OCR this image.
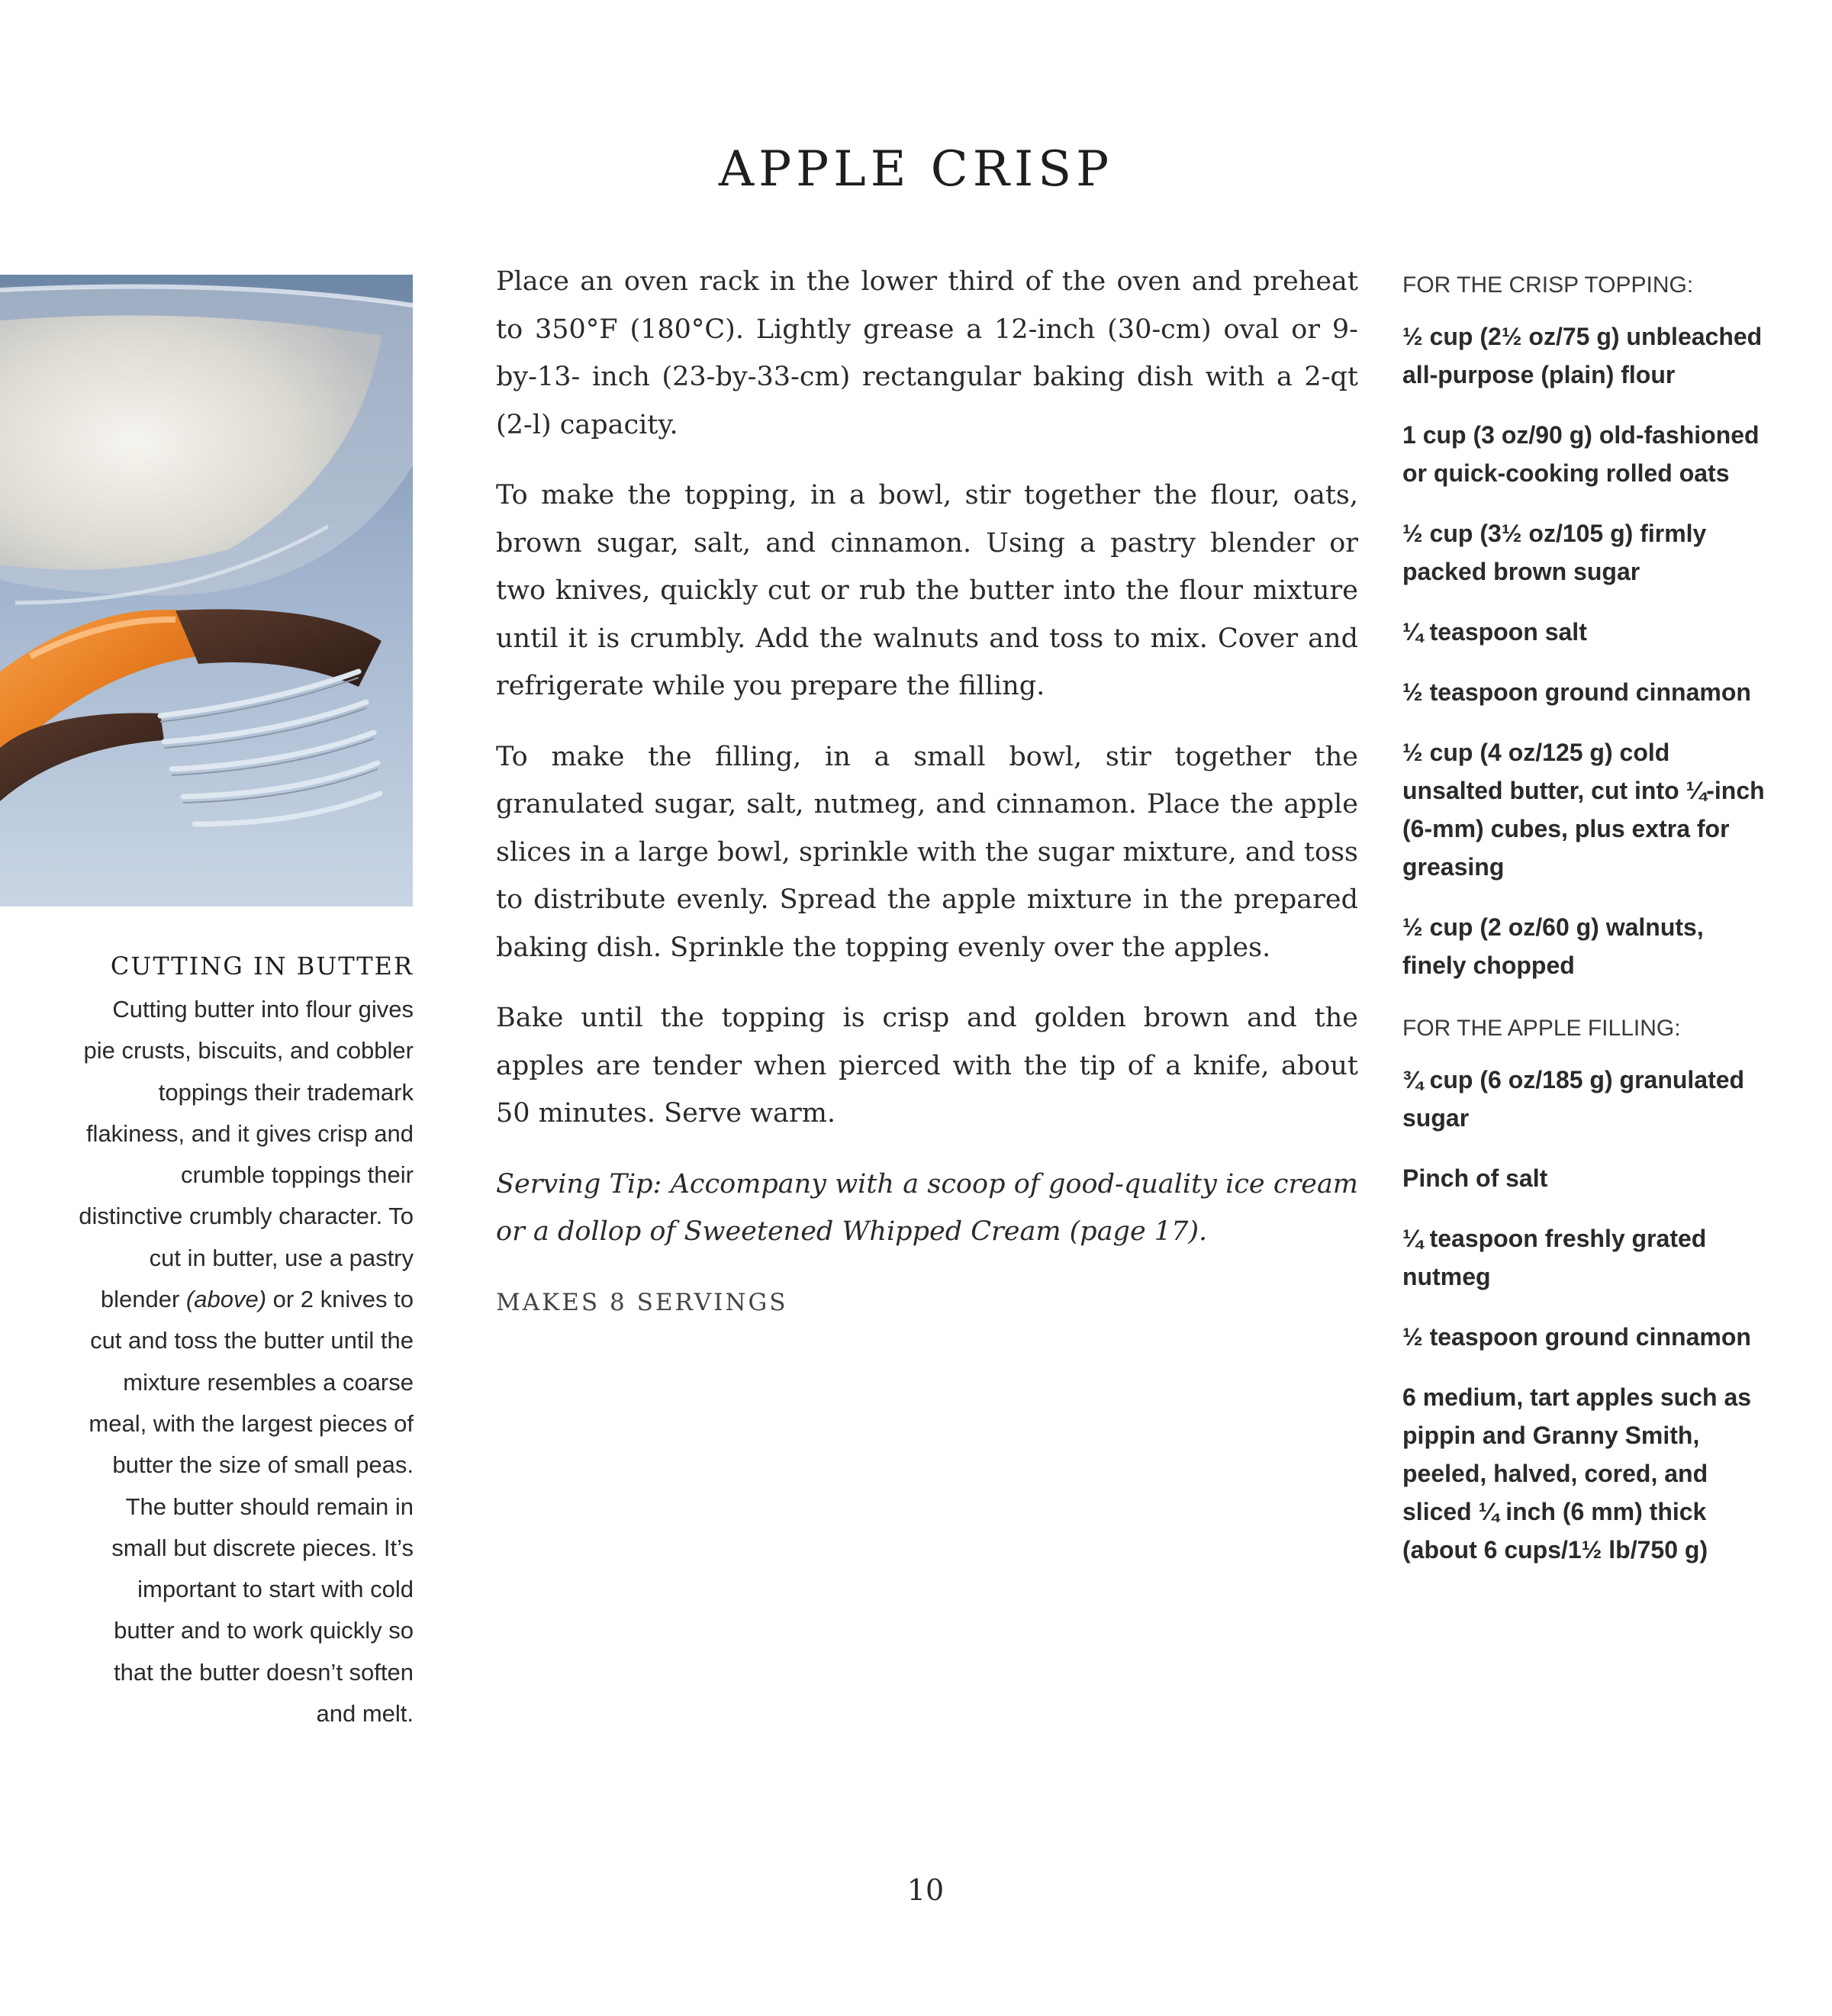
APPLE CRISP
CUTTING IN BUTTER

Cutting butter into flour gives pie crusts, biscuits, and cobbler toppings their trademark flakiness, and it gives crisp and crumble toppings their distinctive crumbly character. To cut in butter, use a pastry blender (above) or 2 knives to cut and toss the butter until the mixture resembles a coarse meal, with the largest pieces of butter the size of small peas. The butter should remain in small but discrete pieces. It’s important to start with cold butter and to work quickly so that the butter doesn’t soften and melt.

Place an oven rack in the lower third of the oven and preheat to 350°F (180°C). Lightly grease a 12-inch (30-cm) oval or 9-by-13- inch (23-by-33-cm) rectangular baking dish with a 2-qt (2-l) capacity.

To make the topping, in a bowl, stir together the flour, oats, brown sugar, salt, and cinnamon. Using a pastry blender or two knives, quickly cut or rub the butter into the flour mixture until it is crumbly. Add the walnuts and toss to mix. Cover and refrigerate while you prepare the filling.

To make the filling, in a small bowl, stir together the granulated sugar, salt, nutmeg, and cinnamon. Place the apple slices in a large bowl, sprinkle with the sugar mixture, and toss to distribute evenly. Spread the apple mixture in the prepared baking dish. Sprinkle the topping evenly over the apples.

Bake until the topping is crisp and golden brown and the apples are tender when pierced with the tip of a knife, about 50 minutes. Serve warm.

Serving Tip: Accompany with a scoop of good-quality ice cream or a dollop of Sweetened Whipped Cream (page 17).

MAKES 8 SERVINGS

FOR THE CRISP TOPPING:
½ cup (2½ oz/75 g) unbleached all-purpose (plain) flour
1 cup (3 oz/90 g) old-fashioned or quick-cooking rolled oats
½ cup (3½ oz/105 g) firmly packed brown sugar
¼ teaspoon salt
½ teaspoon ground cinnamon
½ cup (4 oz/125 g) cold unsalted butter, cut into ¼-inch (6-mm) cubes, plus extra for greasing
½ cup (2 oz/60 g) walnuts, finely chopped
FOR THE APPLE FILLING:
¾ cup (6 oz/185 g) granulated sugar
Pinch of salt
¼ teaspoon freshly grated nutmeg
½ teaspoon ground cinnamon
6 medium, tart apples such as pippin and Granny Smith, peeled, halved, cored, and sliced ¼ inch (6 mm) thick (about 6 cups/1½ lb/750 g)
10
